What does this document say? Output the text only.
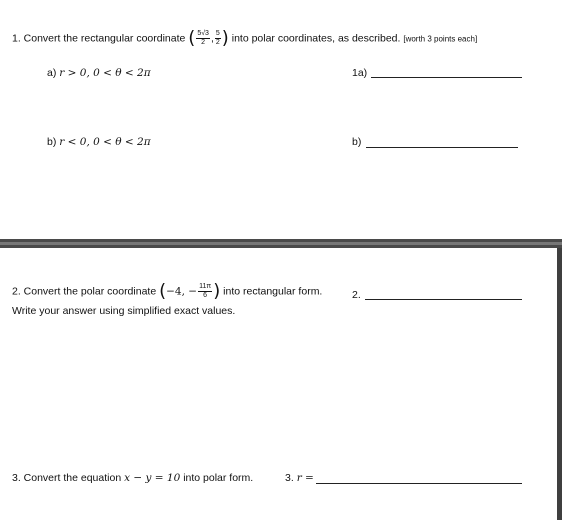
1. Convert the rectangular coordinate ( $\frac{5√3}{2}$ , $\frac{5}{2}$ ) into polar coordinates, as described. [worth 3 points each]
a) r > 0, 0 < θ < 2π	1a)
b) r < 0, 0 < θ < 2π	b)
2. Convert the polar coordinate (−4, − $\frac{11\pi}{6}$ ) into rectangular form.
Write your answer using simplified exact values.
2.
3. Convert the equation x − y = 10 into polar form.	3. r =
